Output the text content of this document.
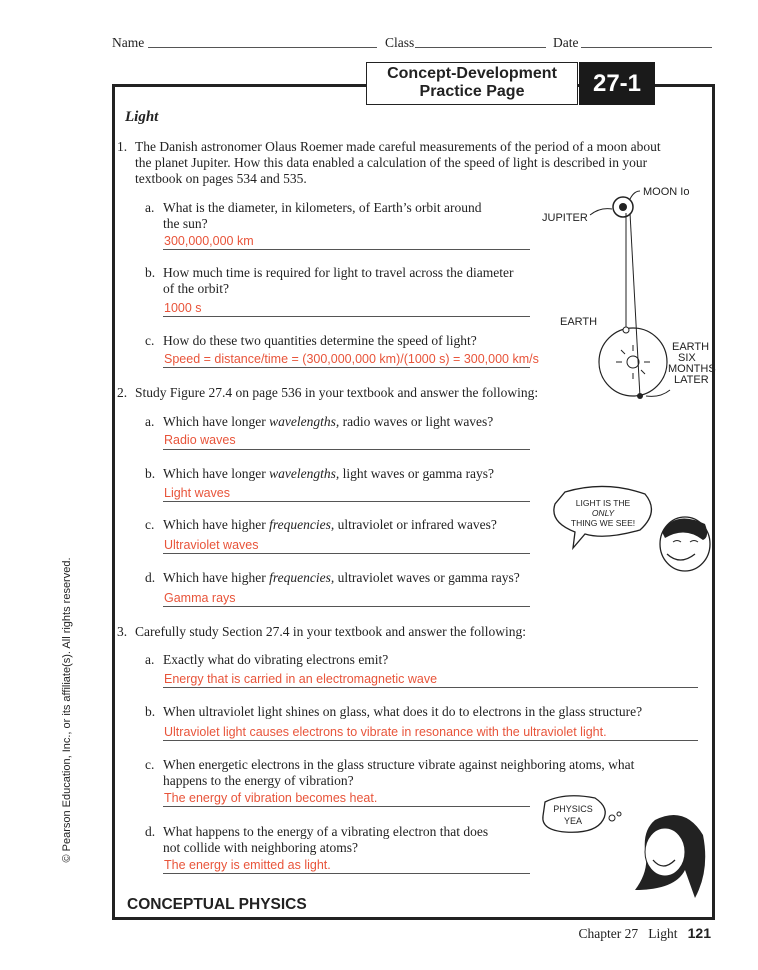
Name	Class	Date
Concept-Development
Practice Page	27-1
Light
1. The Danish astronomer Olaus Roemer made careful measurements of the period of a moon about
the planet Jupiter. How this data enabled a calculation of the speed of light is described in your
textbook on pages 534 and 535.
a. What is the diameter, in kilometers, of Earth’s orbit around
the sun?
300,000,000 km
b. How much time is required for light to travel across the diameter
of the orbit?
1000 s
c. How do these two quantities determine the speed of light?
Speed = distance/time = (300,000,000 km)/(1000 s) = 300,000 km/s
2. Study Figure 27.4 on page 536 in your textbook and answer the following:
a. Which have longer wavelengths, radio waves or light waves?
Radio waves
b. Which have longer wavelengths, light waves or gamma rays?
Light waves
c. Which have higher frequencies, ultraviolet or infrared waves?
Ultraviolet waves
d. Which have higher frequencies, ultraviolet waves or gamma rays?
Gamma rays
3. Carefully study Section 27.4 in your textbook and answer the following:
a. Exactly what do vibrating electrons emit?
Energy that is carried in an electromagnetic wave
b. When ultraviolet light shines on glass, what does it do to electrons in the glass structure?
Ultraviolet light causes electrons to vibrate in resonance with the ultraviolet light.
c. When energetic electrons in the glass structure vibrate against neighboring atoms, what
happens to the energy of vibration?
The energy of vibration becomes heat.
d. What happens to the energy of a vibrating electron that does
not collide with neighboring atoms?
The energy is emitted as light.
MOON Io
JUPITER
EARTH
EARTH
SIX
MONTHS
LATER
LIGHT IS THE
ONLY
THING WE SEE!
PHYSICS
YEA
CONCEPTUAL PHYSICS
Chapter 27 Light 121
© Pearson Education, Inc., or its affiliate(s). All rights reserved.
